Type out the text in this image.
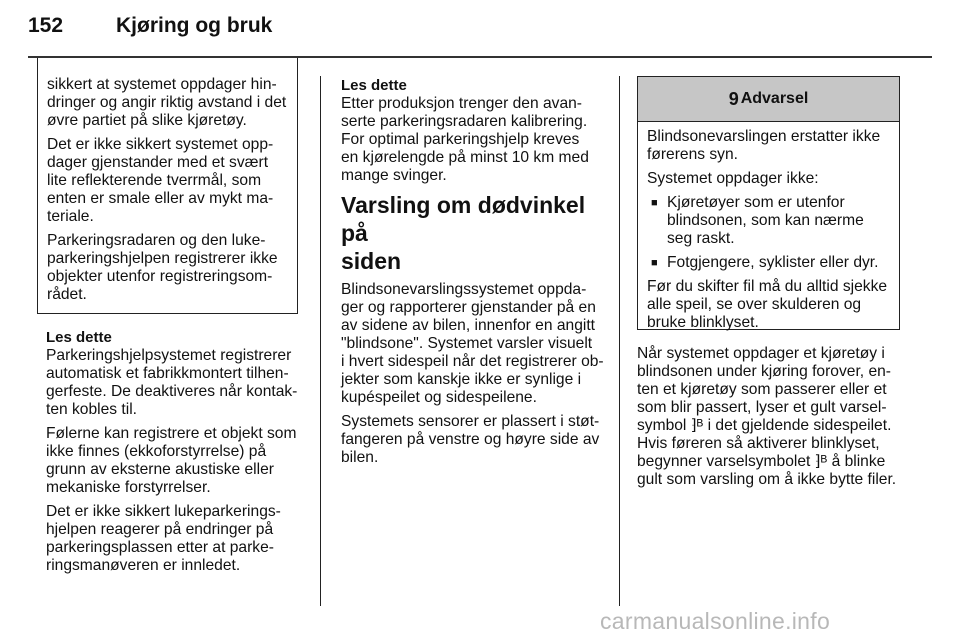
152	Kjøring og bruk

sikkert at systemet oppdager hin-
dringer og angir riktig avstand i det
øvre partiet på slike kjøretøy.

Det er ikke sikkert systemet opp-
dager gjenstander med et svært
lite reflekterende tverrmål, som
enten er smale eller av mykt ma-
teriale.

Parkeringsradaren og den luke-
parkeringshjelpen registrerer ikke
objekter utenfor registreringsom-
rådet.

Les dette

Parkeringshjelpsystemet registrerer
automatisk et fabrikkmontert tilhen-
gerfeste. De deaktiveres når kontak-
ten kobles til.

Følerne kan registrere et objekt som
ikke finnes (ekkoforstyrrelse) på
grunn av eksterne akustiske eller
mekaniske forstyrrelser.

Det er ikke sikkert lukeparkerings-
hjelpen reagerer på endringer på
parkeringsplassen etter at parke-
ringsmanøveren er innledet.

Les dette

Etter produksjon trenger den avan-
serte parkeringsradaren kalibrering.
For optimal parkeringshjelp kreves
en kjørelengde på minst 10 km med
mange svinger.

Varsling om dødvinkel på
siden

Blindsonevarslingssystemet oppda-
ger og rapporterer gjenstander på en
av sidene av bilen, innenfor en angitt
"blindsone". Systemet varsler visuelt
i hvert sidespeil når det registrerer ob-
jekter som kanskje ikke er synlige i
kupéspeilet og sidespeilene.

Systemets sensorer er plassert i støt-
fangeren på venstre og høyre side av
bilen.

9 Advarsel

Blindsonevarslingen erstatter ikke
førerens syn.

Systemet oppdager ikke:

■ Kjøretøyer som er utenfor
blindsonen, som kan nærme
seg raskt.
■ Fotgjengere, syklister eller dyr.

Før du skifter fil må du alltid sjekke
alle speil, se over skulderen og
bruke blinklyset.

Når systemet oppdager et kjøretøy i
blindsonen under kjøring forover, en-
ten et kjøretøy som passerer eller et
som blir passert, lyser et gult varsel-
symbol ⁆ᴮ i det gjeldende sidespeilet.
Hvis føreren så aktiverer blinklyset,
begynner varselsymbolet ⁆ᴮ å blinke
gult som varsling om å ikke bytte filer.

carmanualsonline.info
